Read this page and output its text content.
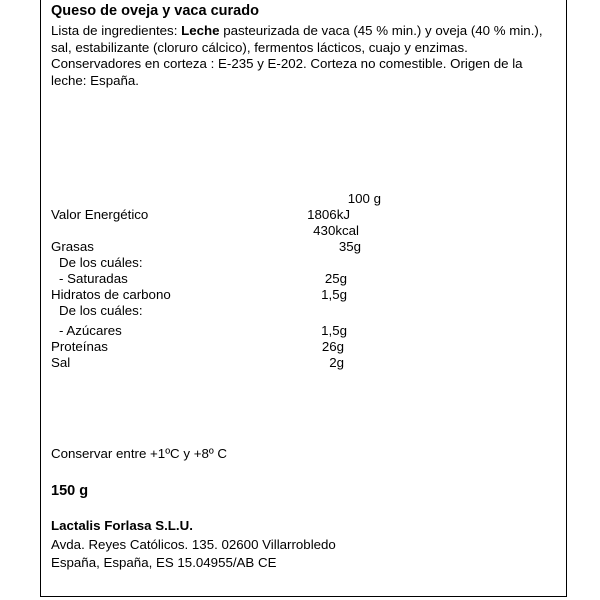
Queso de oveja y vaca curado
Lista de ingredientes: Leche pasteurizada de vaca (45 % min.) y oveja (40 % min.), sal, estabilizante (cloruro cálcico), fermentos lácticos, cuajo y enzimas. Conservadores en corteza : E-235 y E-202. Corteza no comestible. Origen de la leche: España.
100 g
Valor Energético	1806kJ
430kcal
Grasas	35g
De los cuáles:
- Saturadas	25g
Hidratos de carbono	1,5g
De los cuáles:
- Azúcares	1,5g
Proteínas	26g
Sal	2g
Conservar entre +1ºC y +8º C
150 g
Lactalis Forlasa S.L.U.
Avda. Reyes Católicos. 135. 02600 Villarrobledo
España, España, ES 15.04955/AB CE
